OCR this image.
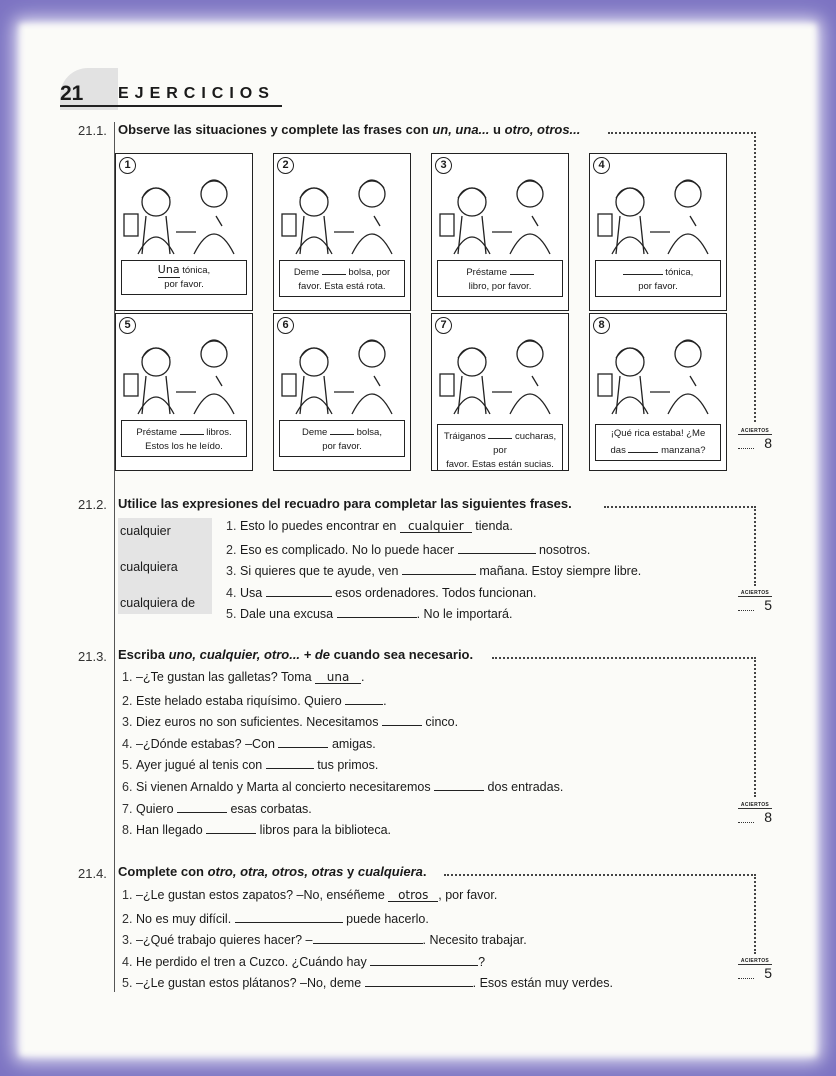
21 EJERCICIOS
21.1. Observe las situaciones y complete las frases con un, una... u otro, otros...
1
Una tónica,
por favor.
2
Deme	bolsa, por
favor. Esta está rota.
3
Préstame
libro, por favor.
4
tónica,
por favor.
5
Préstame	libros.
Estos los he leído.
6
Deme	bolsa,
por favor.
7
Tráiganos	cucharas, por
favor. Estas están sucias.
8
¡Qué rica estaba! ¿Me
das	manzana?
ACIERTOS
8
21.2. Utilice las expresiones del recuadro para completar las siguientes frases.
cualquier
cualquiera
cualquiera de
1. Esto lo puedes encontrar en cualquier tienda.
2. Eso es complicado. No lo puede hacer	nosotros.
3. Si quieres que te ayude, ven	mañana. Estoy siempre libre.
4. Usa	esos ordenadores. Todos funcionan.
5. Dale una excusa	. No le importará.
ACIERTOS
5
21.3. Escriba uno, cualquier, otro... + de cuando sea necesario.
1. –¿Te gustan las galletas? Toma una .
2. Este helado estaba riquísimo. Quiero	.
3. Diez euros no son suficientes. Necesitamos	cinco.
4. –¿Dónde estabas? –Con	amigas.
5. Ayer jugué al tenis con	tus primos.
6. Si vienen Arnaldo y Marta al concierto necesitaremos	dos entradas.
7. Quiero	esas corbatas.
8. Han llegado	libros para la biblioteca.
ACIERTOS
8
21.4. Complete con otro, otra, otros, otras y cualquiera.
1. –¿Le gustan estos zapatos? –No, enséñeme otros , por favor.
2. No es muy difícil.	puede hacerlo.
3. –¿Qué trabajo quieres hacer? –	. Necesito trabajar.
4. He perdido el tren a Cuzco. ¿Cuándo hay	?
5. –¿Le gustan estos plátanos? –No, deme	. Esos están muy verdes.
ACIERTOS
5
